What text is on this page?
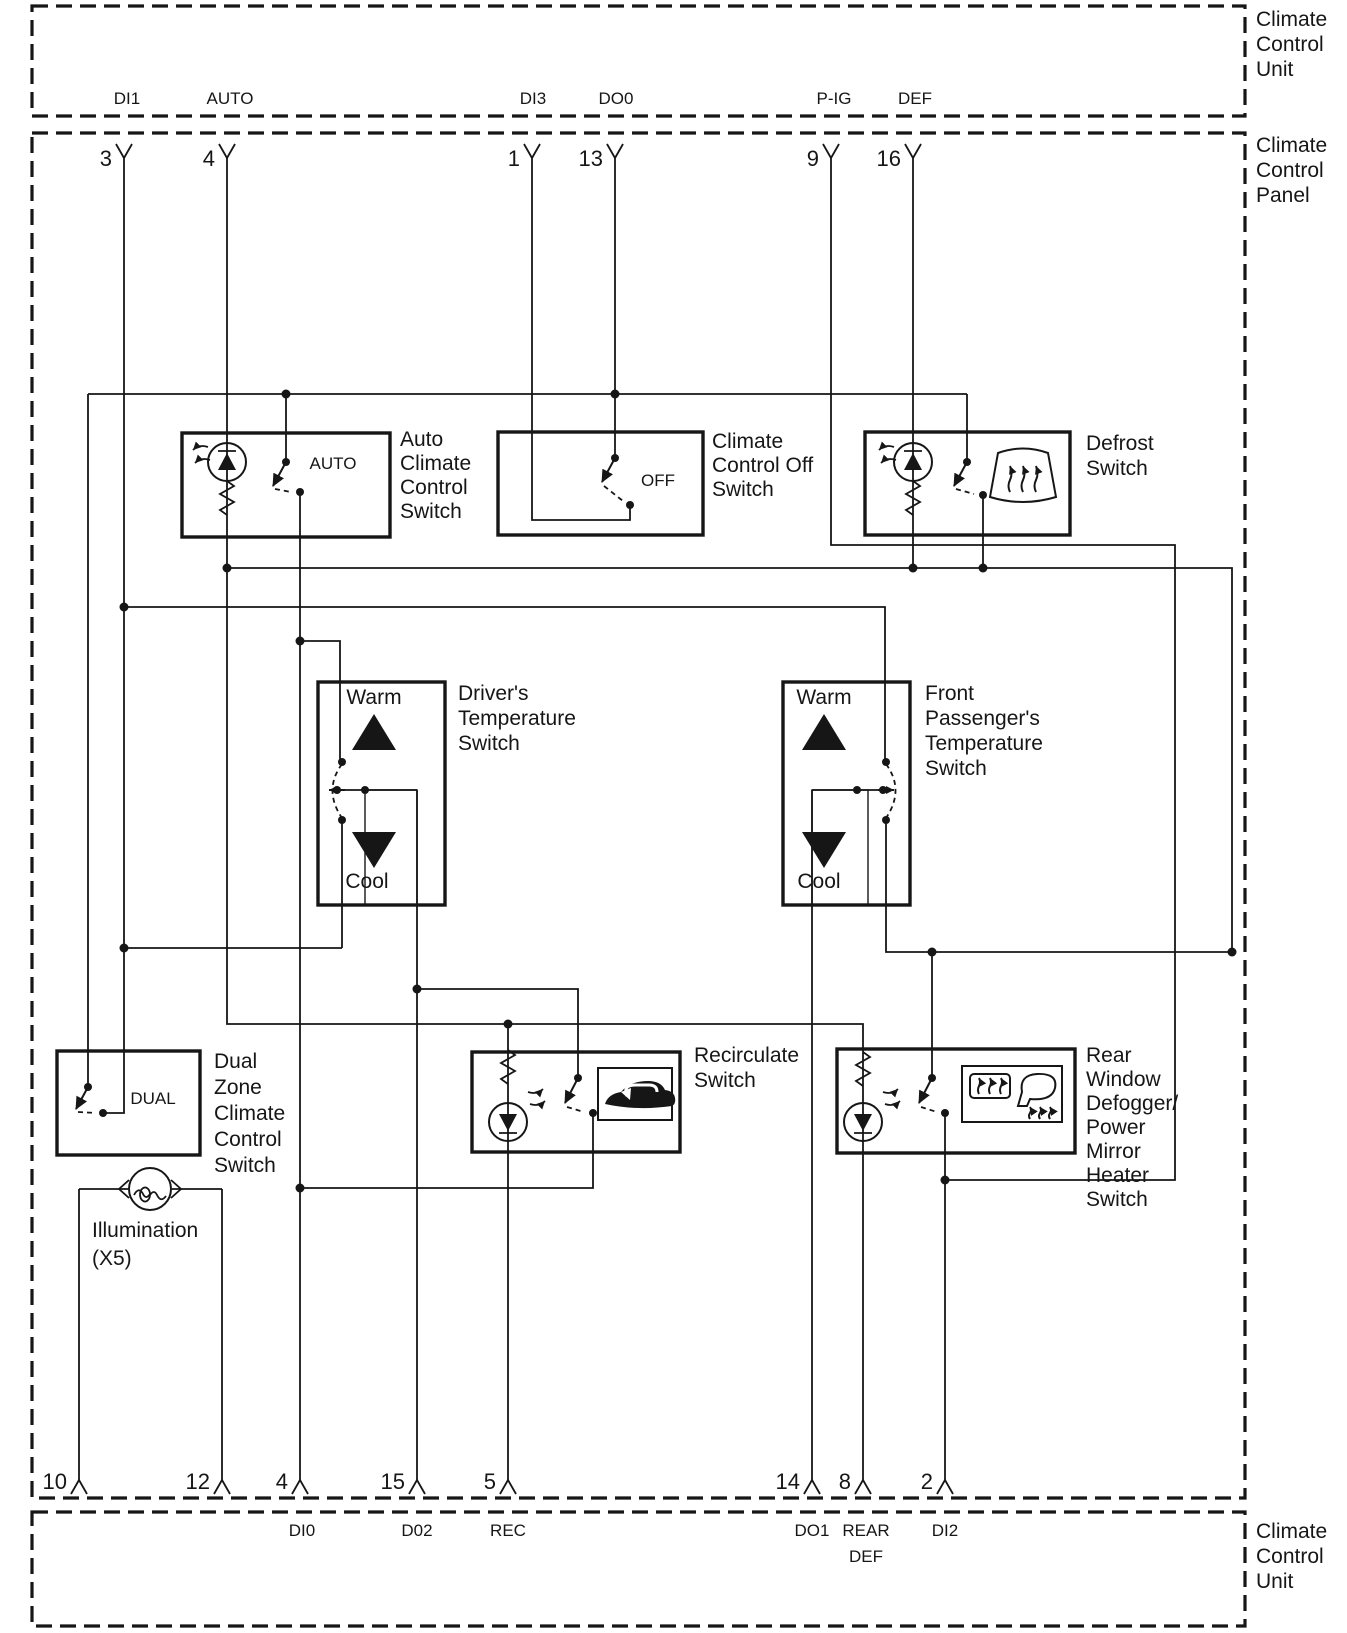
DI1	AUTO	DI3	DO0	P-IG	DEF
Climate
Control
Unit
Climate
Control
Panel
Climate
Control
Unit
3	4	1	13	9	16
10	12	4	15	5	14 8	2
DI0	D02	REC	DO1 REAR
DEF
DI2
Auto
Climate
Control
Switch
AUTO
Climate
Control Off
Switch
OFF
Defrost
Switch
Driver's
Temperature
Switch
Warm
Cool
Front
Passenger's
Temperature
Switch
Warm
Cool
Dual
Zone
Climate
Control
Switch
DUAL
Illumination
(X5)
Recirculate
Switch
Rear
Window
Defogger/
Power
Mirror
Heater
Switch
